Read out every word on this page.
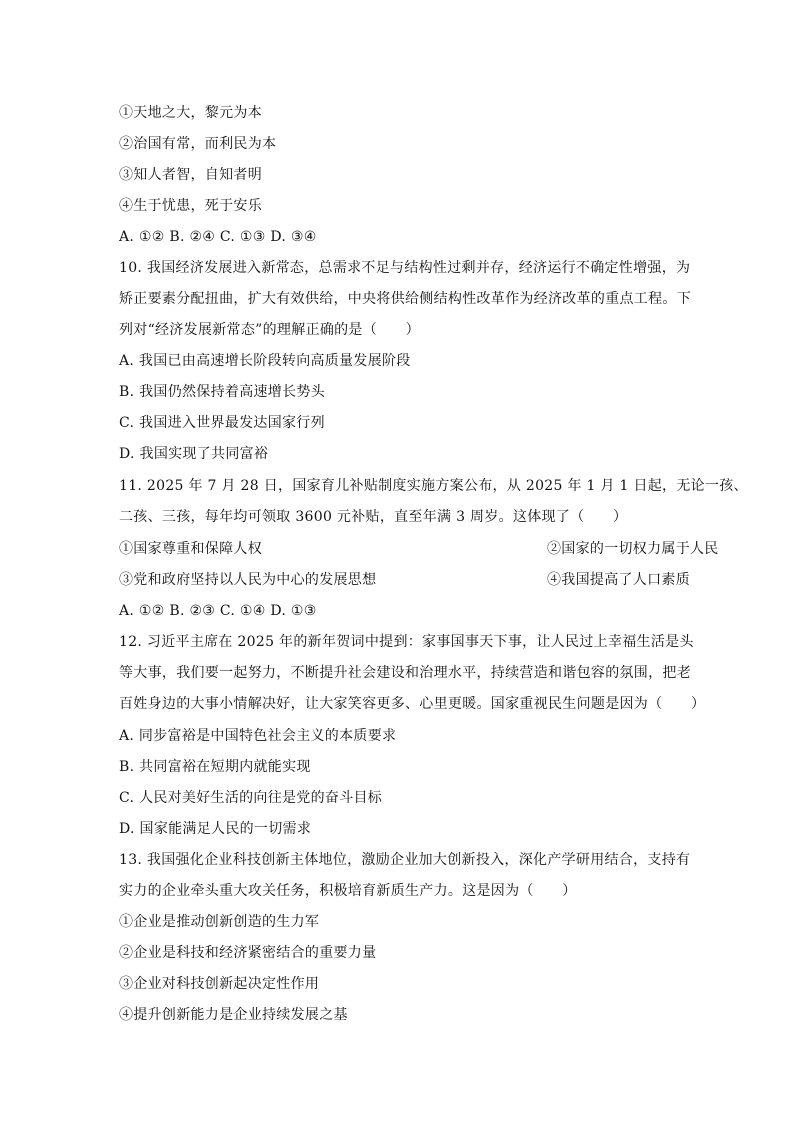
①天地之大，黎元为本
②治国有常，而利民为本
③知人者智，自知者明
④生于忧患，死于安乐
A. ①② B. ②④ C. ①③ D. ③④
10. 我国经济发展进入新常态，总需求不足与结构性过剩并存，经济运行不确定性增强，为
矫正要素分配扭曲，扩大有效供给，中央将供给侧结构性改革作为经济改革的重点工程。下
列对“经济发展新常态”的理解正确的是（　　）
A. 我国已由高速增长阶段转向高质量发展阶段
B. 我国仍然保持着高速增长势头
C. 我国进入世界最发达国家行列
D. 我国实现了共同富裕
11. 2025 年 7 月 28 日，国家育儿补贴制度实施方案公布，从 2025 年 1 月 1 日起，无论一孩、
二孩、三孩，每年均可领取 3600 元补贴，直至年满 3 周岁。这体现了（　　）
①国家尊重和保障人权	②国家的一切权力属于人民
③党和政府坚持以人民为中心的发展思想	④我国提高了人口素质
A. ①② B. ②③ C. ①④ D. ①③
12. 习近平主席在 2025 年的新年贺词中提到：家事国事天下事，让人民过上幸福生活是头
等大事，我们要一起努力，不断提升社会建设和治理水平，持续营造和谐包容的氛围，把老
百姓身边的大事小情解决好，让大家笑容更多、心里更暖。国家重视民生问题是因为（　　）
A. 同步富裕是中国特色社会主义的本质要求
B. 共同富裕在短期内就能实现
C. 人民对美好生活的向往是党的奋斗目标
D. 国家能满足人民的一切需求
13. 我国强化企业科技创新主体地位，激励企业加大创新投入，深化产学研用结合，支持有
实力的企业牵头重大攻关任务，积极培育新质生产力。这是因为（　　）
①企业是推动创新创造的生力军
②企业是科技和经济紧密结合的重要力量
③企业对科技创新起决定性作用
④提升创新能力是企业持续发展之基
